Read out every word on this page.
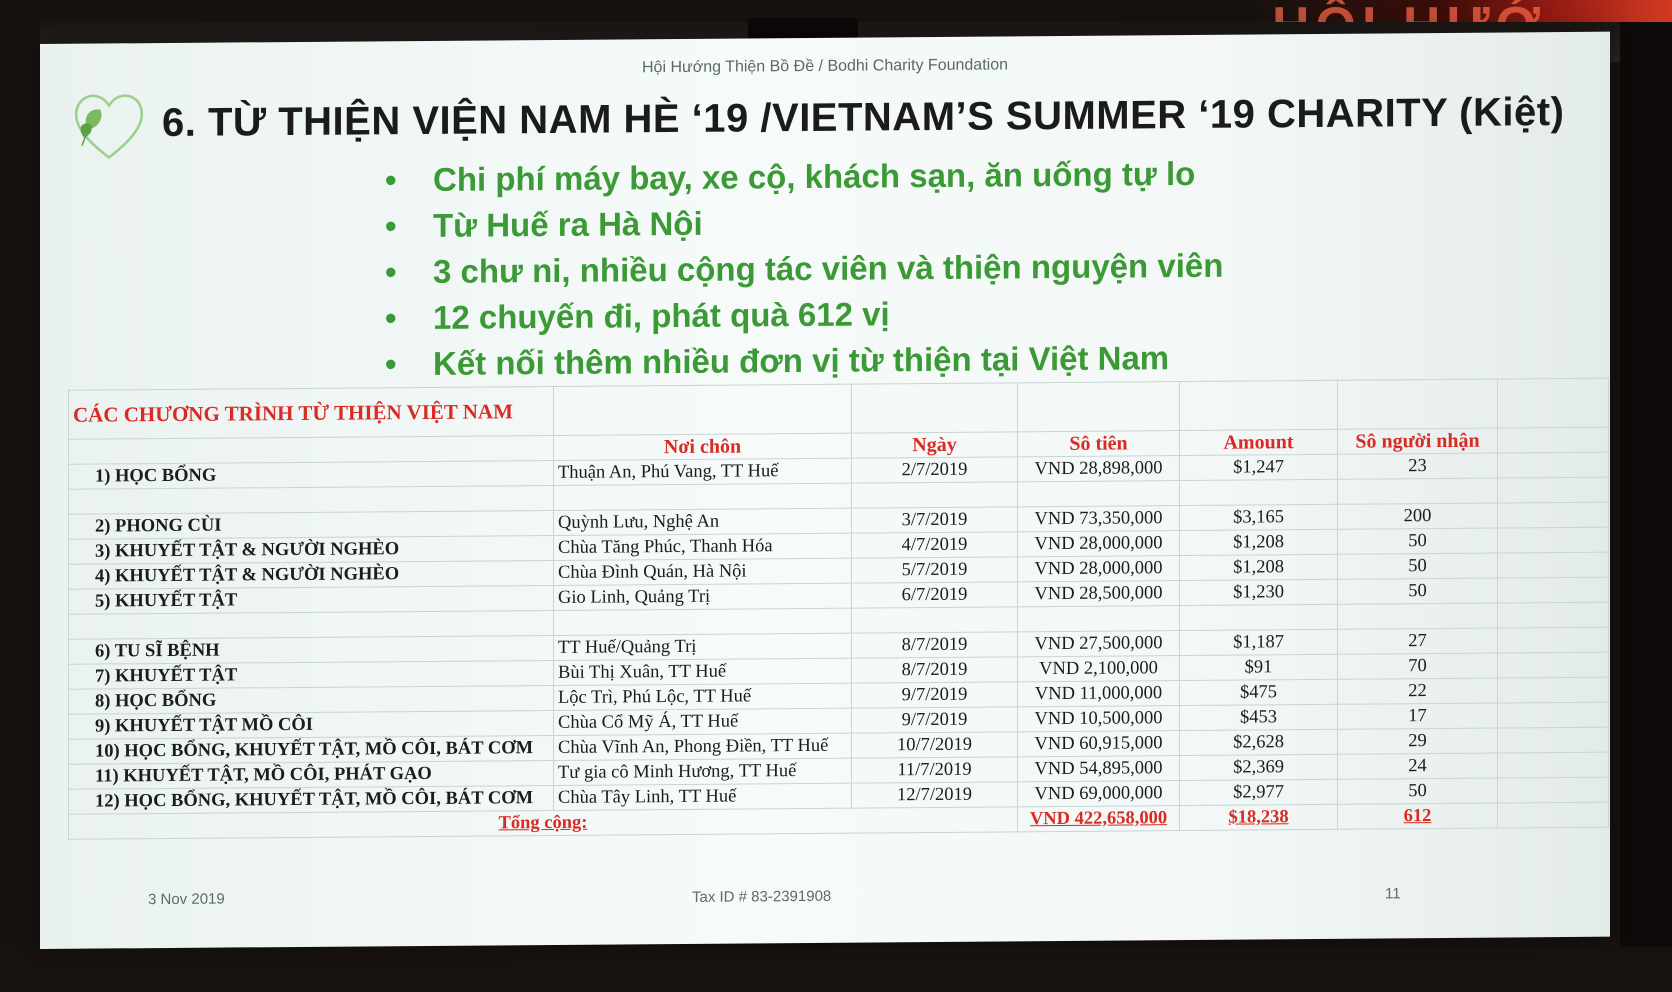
Hội Hướng Thiện Bồ Đề / Bodhi Charity Foundation
6. TỪ THIỆN VIỆN NAM HÈ ‘19 /VIETNAM’S SUMMER ‘19 CHARITY (Kiệt)
• Chi phí máy bay, xe cộ, khách sạn, ăn uống tự lo
• Từ Huế ra Hà Nội
• 3 chư ni, nhiều cộng tác viên và thiện nguyện viên
• 12 chuyến đi, phát quà 612 vị
• Kết nối thêm nhiều đơn vị từ thiện tại Việt Nam
CÁC CHƯƠNG TRÌNH TỪ THIỆN VIỆT NAM						
	Nơi chôn	Ngày	Sô tiên	Amount	Sô người nhận	
1) HỌC BỔNG	Thuận An, Phú Vang, TT Huế	2/7/2019	VND 28,898,000	$1,247	23	

2) PHONG CÙI	Quỳnh Lưu, Nghệ An	3/7/2019	VND 73,350,000	$3,165	200	
3) KHUYẾT TẬT & NGƯỜI NGHÈO	Chùa Tăng Phúc, Thanh Hóa	4/7/2019	VND 28,000,000	$1,208	50	
4) KHUYẾT TẬT & NGƯỜI NGHÈO	Chùa Đình Quán, Hà Nội	5/7/2019	VND 28,000,000	$1,208	50	
5) KHUYẾT TẬT	Gio Linh, Quảng Trị	6/7/2019	VND 28,500,000	$1,230	50	

6) TU SĨ BỆNH	TT Huế/Quảng Trị	8/7/2019	VND 27,500,000	$1,187	27	
7) KHUYẾT TẬT	Bùi Thị Xuân, TT Huế	8/7/2019	VND 2,100,000	$91	70	
8) HỌC BỔNG	Lộc Trì, Phú Lộc, TT Huế	9/7/2019	VND 11,000,000	$475	22	
9) KHUYẾT TẬT MỒ CÔI	Chùa Cổ Mỹ Á, TT Huế	9/7/2019	VND 10,500,000	$453	17	
10) HỌC BỔNG, KHUYẾT TẬT, MỒ CÔI, BÁT CƠM	Chùa Vĩnh An, Phong Điền, TT Huế	10/7/2019	VND 60,915,000	$2,628	29	
11) KHUYẾT TẬT, MỒ CÔI, PHÁT GẠO	Tư gia cô Minh Hương, TT Huế	11/7/2019	VND 54,895,000	$2,369	24	
12) HỌC BỔNG, KHUYẾT TẬT, MỒ CÔI, BÁT CƠM	Chùa Tây Linh, TT Huế	12/7/2019	VND 69,000,000	$2,977	50	
Tổng cộng:			VND 422,658,000	$18,238	612	
3 Nov 2019	Tax ID # 83-2391908	11
